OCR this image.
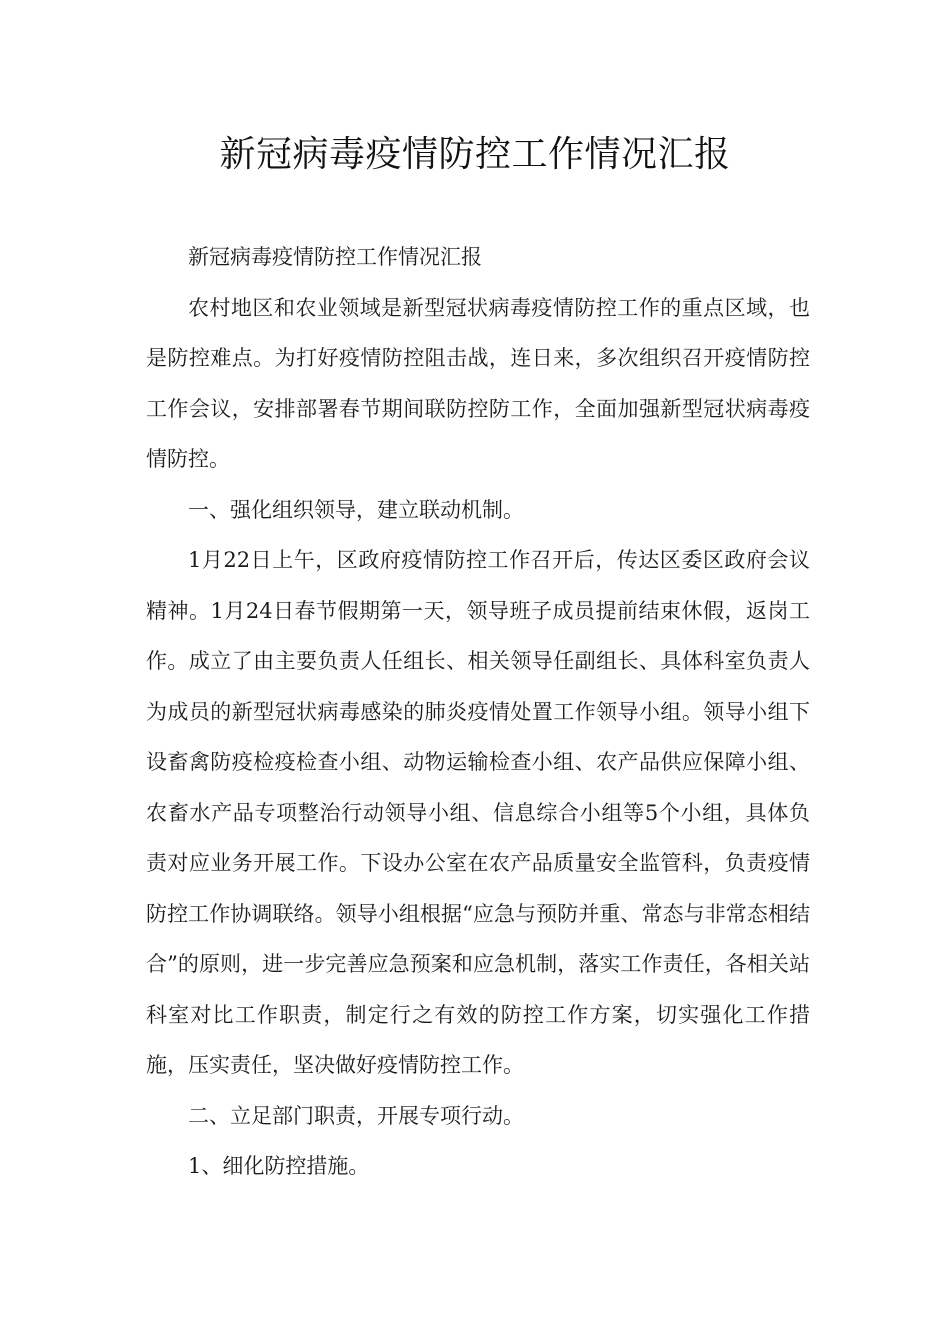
新冠病毒疫情防控工作情况汇报

新冠病毒疫情防控工作情况汇报

农村地区和农业领域是新型冠状病毒疫情防控工作的重点区域，也是防控难点。为打好疫情防控阻击战，连日来，多次组织召开疫情防控工作会议，安排部署春节期间联防控防工作，全面加强新型冠状病毒疫情防控。

一、强化组织领导，建立联动机制。

1月22日上午，区政府疫情防控工作召开后，传达区委区政府会议精神。1月24日春节假期第一天，领导班子成员提前结束休假，返岗工作。成立了由主要负责人任组长、相关领导任副组长、具体科室负责人为成员的新型冠状病毒感染的肺炎疫情处置工作领导小组。领导小组下设畜禽防疫检疫检查小组、动物运输检查小组、农产品供应保障小组、农畜水产品专项整治行动领导小组、信息综合小组等5个小组，具体负责对应业务开展工作。下设办公室在农产品质量安全监管科，负责疫情防控工作协调联络。领导小组根据“应急与预防并重、常态与非常态相结合”的原则，进一步完善应急预案和应急机制，落实工作责任，各相关站科室对比工作职责，制定行之有效的防控工作方案，切实强化工作措施，压实责任，坚决做好疫情防控工作。

二、立足部门职责，开展专项行动。

1、细化防控措施。
